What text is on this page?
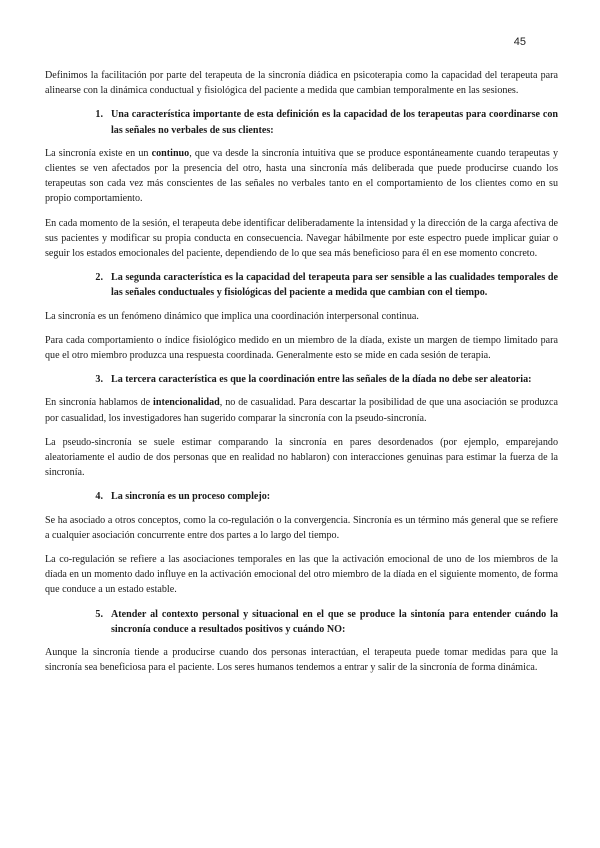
45

Definimos la facilitación por parte del terapeuta de la sincronía diádica en psicoterapia como la capacidad del terapeuta para alinearse con la dinámica conductual y fisiológica del paciente a medida que cambian temporalmente en las sesiones.

1. Una característica importante de esta definición es la capacidad de los terapeutas para coordinarse con las señales no verbales de sus clientes:

La sincronía existe en un continuo, que va desde la sincronía intuitiva que se produce espontáneamente cuando terapeutas y clientes se ven afectados por la presencia del otro, hasta una sincronía más deliberada que puede producirse cuando los terapeutas son cada vez más conscientes de las señales no verbales tanto en el comportamiento de los clientes como en su propio comportamiento.

En cada momento de la sesión, el terapeuta debe identificar deliberadamente la intensidad y la dirección de la carga afectiva de sus pacientes y modificar su propia conducta en consecuencia. Navegar hábilmente por este espectro puede implicar guiar o seguir los estados emocionales del paciente, dependiendo de lo que sea más beneficioso para él en ese momento concreto.

2. La segunda característica es la capacidad del terapeuta para ser sensible a las cualidades temporales de las señales conductuales y fisiológicas del paciente a medida que cambian con el tiempo.

La sincronía es un fenómeno dinámico que implica una coordinación interpersonal continua.

Para cada comportamiento o índice fisiológico medido en un miembro de la díada, existe un margen de tiempo limitado para que el otro miembro produzca una respuesta coordinada. Generalmente esto se mide en cada sesión de terapia.

3. La tercera característica es que la coordinación entre las señales de la díada no debe ser aleatoria:

En sincronía hablamos de intencionalidad, no de casualidad. Para descartar la posibilidad de que una asociación se produzca por casualidad, los investigadores han sugerido comparar la sincronía con la pseudo-sincronía.

La pseudo-sincronía se suele estimar comparando la sincronía en pares desordenados (por ejemplo, emparejando aleatoriamente el audio de dos personas que en realidad no hablaron) con interacciones genuinas para estimar la fuerza de la sincronía.

4. La sincronía es un proceso complejo:

Se ha asociado a otros conceptos, como la co-regulación o la convergencia. Sincronía es un término más general que se refiere a cualquier asociación concurrente entre dos partes a lo largo del tiempo.

La co-regulación se refiere a las asociaciones temporales en las que la activación emocional de uno de los miembros de la díada en un momento dado influye en la activación emocional del otro miembro de la díada en el siguiente momento, de forma que conduce a un estado estable.

5. Atender al contexto personal y situacional en el que se produce la sintonía para entender cuándo la sincronía conduce a resultados positivos y cuándo NO:

Aunque la sincronía tiende a producirse cuando dos personas interactúan, el terapeuta puede tomar medidas para que la sincronía sea beneficiosa para el paciente. Los seres humanos tendemos a entrar y salir de la sincronía de forma dinámica.
